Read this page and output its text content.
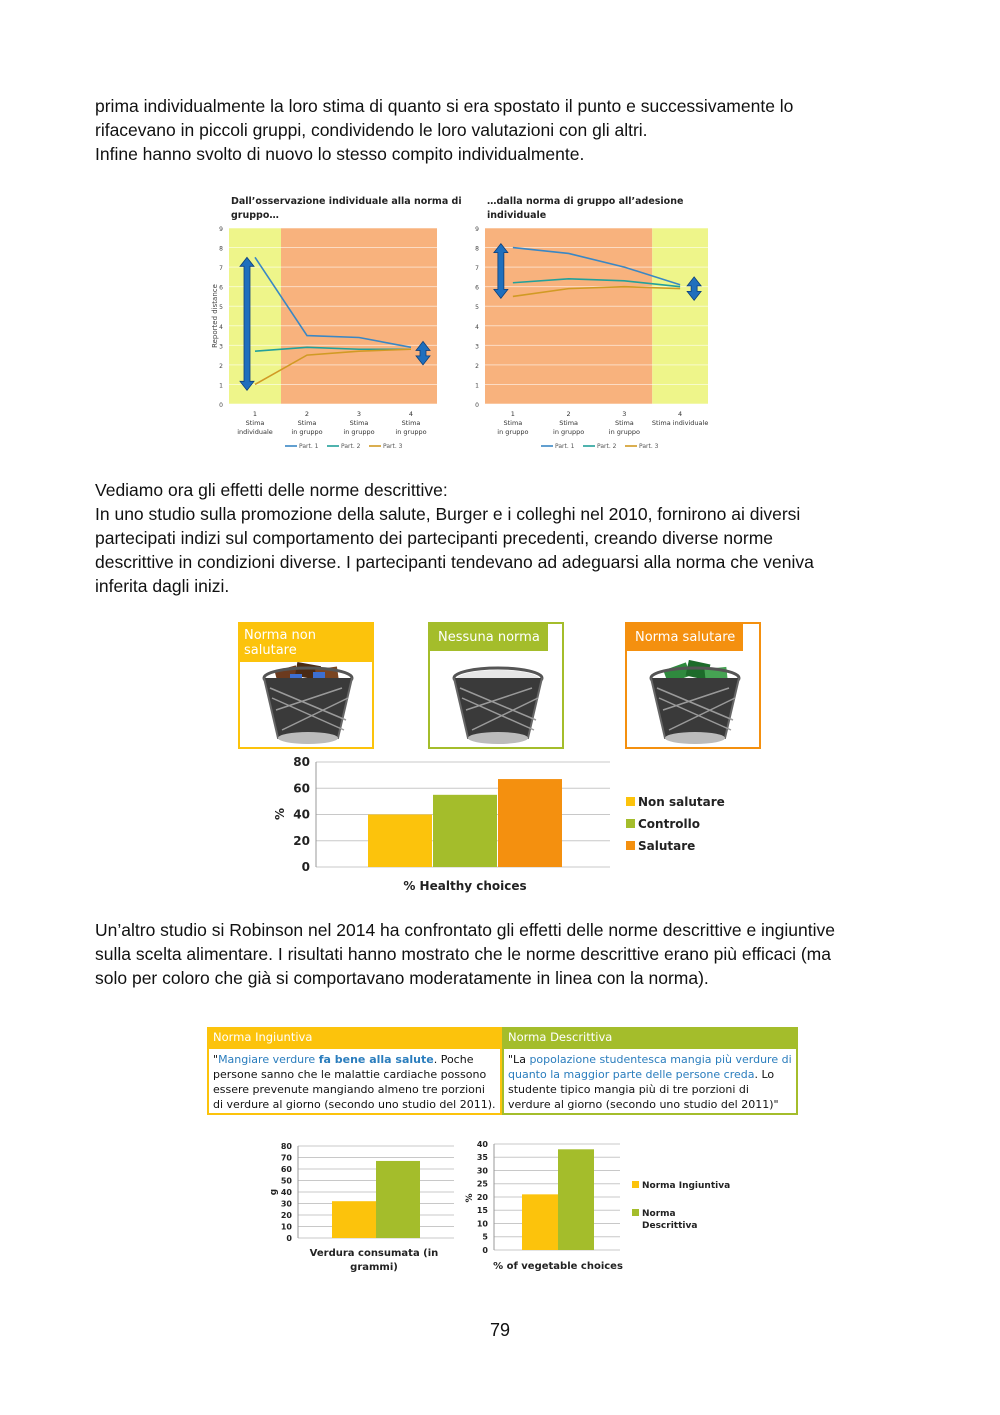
prima individualmente la loro stima di quanto si era spostato il punto e successivamente lo
rifacevano in piccoli gruppi, condividendo le loro valutazioni con gli altri.
Infine hanno svolto di nuovo lo stesso compito individualmente.
0
1
2
3
4
5
6
7
8
9
Dall’osservazione individuale alla norma di
gruppo…
Reported distance
1
Stima
individuale
2
Stima
in gruppo
3
Stima
in gruppo
4
Stima
in gruppo
Part. 1	Part. 2	Part. 3
0
1
2
3
4
5
6
7
8
9
…dalla norma di gruppo all’adesione
individuale
1
Stima
in gruppo
2
Stima
in gruppo
3
Stima
in gruppo
4
Stima individuale
Part. 1	Part. 2	Part. 3
Vediamo ora gli effetti delle norme descrittive:
In uno studio sulla promozione della salute, Burger e i colleghi nel 2010, fornirono ai diversi
partecipati indizi sul comportamento dei partecipanti precedenti, creando diverse norme
descrittive in condizioni diverse. I partecipanti tendevano ad adeguarsi alla norma che veniva
inferita dagli inizi.
Norma non salutare
Nessuna norma	Norma salutare
0
20
40
60
80
%
% Healthy choices
Non salutare
Controllo
Salutare
Un’altro studio si Robinson nel 2014 ha confrontato gli effetti delle norme descrittive e ingiuntive
sulla scelta alimentare. I risultati hanno mostrato che le norme descrittive erano più efficaci (ma
solo per coloro che già si comportavano moderatamente in linea con la norma).
Norma Ingiuntiva
"Mangiare verdure fa bene alla salute. Poche persone sanno che le malattie cardiache possono essere prevenute mangiando almeno tre porzioni di verdure al giorno (secondo uno studio del 2011).
Norma Descrittiva
"La popolazione studentesca mangia più verdure di quanto la maggior parte delle persone creda. Lo studente tipico mangia più di tre porzioni di verdure al giorno (secondo uno studio del 2011)"
0
10
20
30
40
50
60
70
80
g
Verdura consumata (in
grammi)
0
5
10
15
20
25
30
35
40
%
% of vegetable choices
Norma Ingiuntiva
Norma
Descrittiva
79
